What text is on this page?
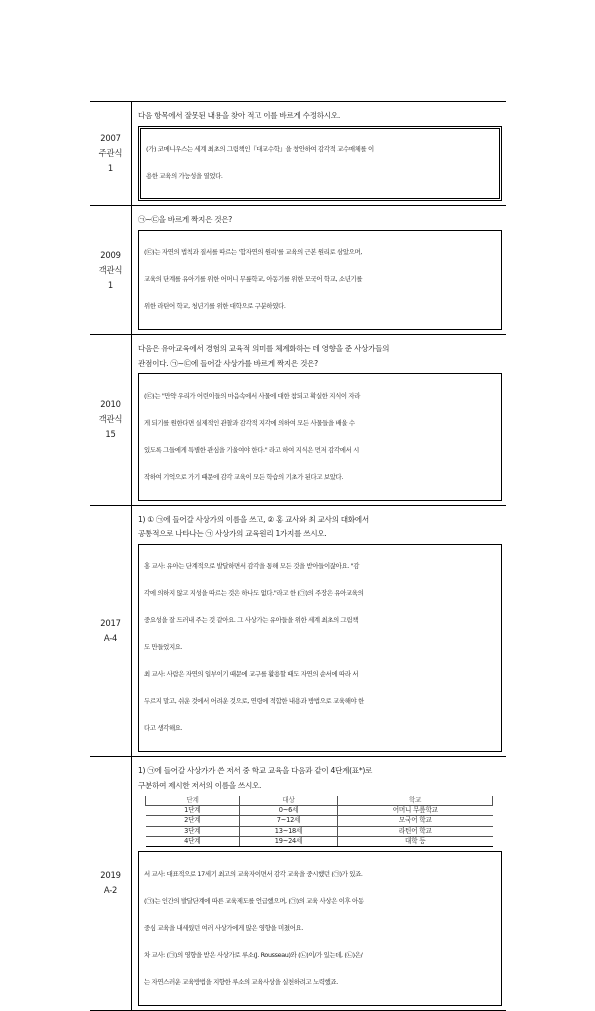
2007
주관식
1

다음 항목에서 잘못된 내용을 찾아 적고 이를 바르게 수정하시오.

(가) 코메니우스는 세계 최초의 그림책인『대교수학』을 창안하여 감각적 교수매체를 이

용한 교육의 가능성을 열었다.

2009
객관식
1

㉠~㉢을 바르게 짝지은 것은?

(㉢)는 자연의 법칙과 질서를 따르는 '합자연의 원리'를 교육의 근본 원리로 삼았으며,

교육의 단계를 유아기를 위한 어머니 무릎학교, 아동기를 위한 모국어 학교, 소년기를

위한 라틴어 학교, 청년기를 위한 대학으로 구분하였다.

2010
객관식
15

다음은 유아교육에서 경험의 교육적 의미를 체계화하는 데 영향을 준 사상가들의
관점이다. ㉠~㉢에 들어갈 사상가를 바르게 짝지은 것은?

(㉢)는 "만약 우리가 어린이들의 마음속에서 사물에 대한 참되고 확실한 지식이 자라

게 되기를 원한다면 실제적인 관찰과 감각적 지각에 의하여 모든 사물들을 배울 수

있도록 그들에게 특별한 관심을 기울여야 한다." 라고 하여 지식은 먼저 감각에서 시

작하여 기억으로 가기 때문에 감각 교육이 모든 학습의 기초가 된다고 보았다.

2017
A-4

1) ① ㉠에 들어갈 사상가의 이름을 쓰고, ② 홍 교사와 최 교사의 대화에서
공통적으로 나타나는 ㉠ 사상가의 교육원리 1가지를 쓰시오.

홍 교사: 유아는 단계적으로 발달하면서 감각을 통해 모든 것을 받아들이잖아요. "감

각에 의하지 않고 지성을 따르는 것은 하나도 없다."라고 한 (㉠)의 주장은 유아교육의

중요성을 잘 드러내 주는 것 같아요. 그 사상가는 유아들을 위한 세계 최초의 그림책

도 만들었지요.

최 교사: 사람은 자연의 일부이기 때문에 교구를 활용할 때도 자연의 순서에 따라 서

두르지 말고, 쉬운 것에서 어려운 것으로, 연령에 적합한 내용과 방법으로 교육해야 한

다고 생각해요.

2019
A-2

1) ㉠에 들어갈 사상가가 쓴 저서 중 학교 교육을 다음과 같이 4단계(표*)로
구분하여 제시한 저서의 이름을 쓰시오.

단계	대상	학교
1단계	0~6세	어머니 무릎학교
2단계	7~12세	모국어 학교
3단계	13~18세	라틴어 학교
4단계	19~24세	대학 등

서 교사: 대표적으로 17세기 최고의 교육자이면서 감각 교육을 중시했던 (㉠)가 있죠.

(㉠)는 인간의 발달단계에 따른 교육제도를 언급했으며, (㉠)의 교육 사상은 이후 아동

중심 교육을 내세웠던 여러 사상가에게 많은 영향을 미쳤어요.

차 교사: (㉠)의 영향을 받은 사상가로 루소(J. Rousseau)와 (㉡)이/가 있는데, (㉡)은/

는 자연스러운 교육방법을 지향한 루소의 교육사상을 실천하려고 노력했죠.
